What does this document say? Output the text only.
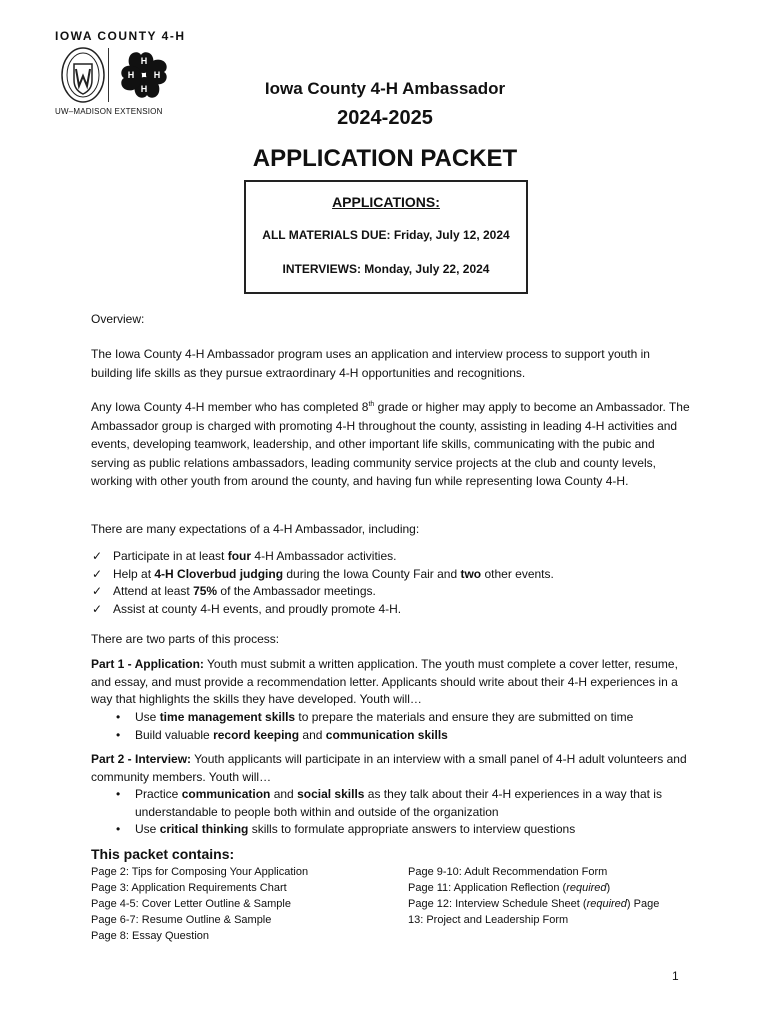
IOWA COUNTY 4-H
H
H
H
H
UW–MADISON EXTENSION
Iowa County 4-H Ambassador
2024-2025
APPLICATION PACKET
APPLICATIONS:
ALL MATERIALS DUE: Friday, July 12, 2024
INTERVIEWS: Monday, July 22, 2024
Overview:
The Iowa County 4-H Ambassador program uses an application and interview process to support youth in building life skills as they pursue extraordinary 4-H opportunities and recognitions.
Any Iowa County 4-H member who has completed 8th grade or higher may apply to become an Ambassador. The Ambassador group is charged with promoting 4-H throughout the county, assisting in leading 4-H activities and events, developing teamwork, leadership, and other important life skills, communicating with the pubic and serving as public relations ambassadors, leading community service projects at the club and county levels, working with other youth from around the county, and having fun while representing Iowa County 4-H.
There are many expectations of a 4-H Ambassador, including:
✓ Participate in at least four 4-H Ambassador activities.
✓ Help at 4-H Cloverbud judging during the Iowa County Fair and two other events.
✓ Attend at least 75% of the Ambassador meetings.
✓ Assist at county 4-H events, and proudly promote 4-H.
There are two parts of this process:
Part 1 - Application: Youth must submit a written application. The youth must complete a cover letter, resume, and essay, and must provide a recommendation letter. Applicants should write about their 4-H experiences in a way that highlights the skills they have developed. Youth will…
• Use time management skills to prepare the materials and ensure they are submitted on time
• Build valuable record keeping and communication skills
Part 2 - Interview: Youth applicants will participate in an interview with a small panel of 4-H adult volunteers and community members. Youth will…
• Practice communication and social skills as they talk about their 4-H experiences in a way that is understandable to people both within and outside of the organization
• Use critical thinking skills to formulate appropriate answers to interview questions
This packet contains:
Page 2: Tips for Composing Your Application
Page 3: Application Requirements Chart
Page 4-5: Cover Letter Outline & Sample
Page 6-7: Resume Outline & Sample
Page 8: Essay Question
Page 9-10: Adult Recommendation Form
Page 11: Application Reflection (required)
Page 12: Interview Schedule Sheet (required) Page
13: Project and Leadership Form
1
